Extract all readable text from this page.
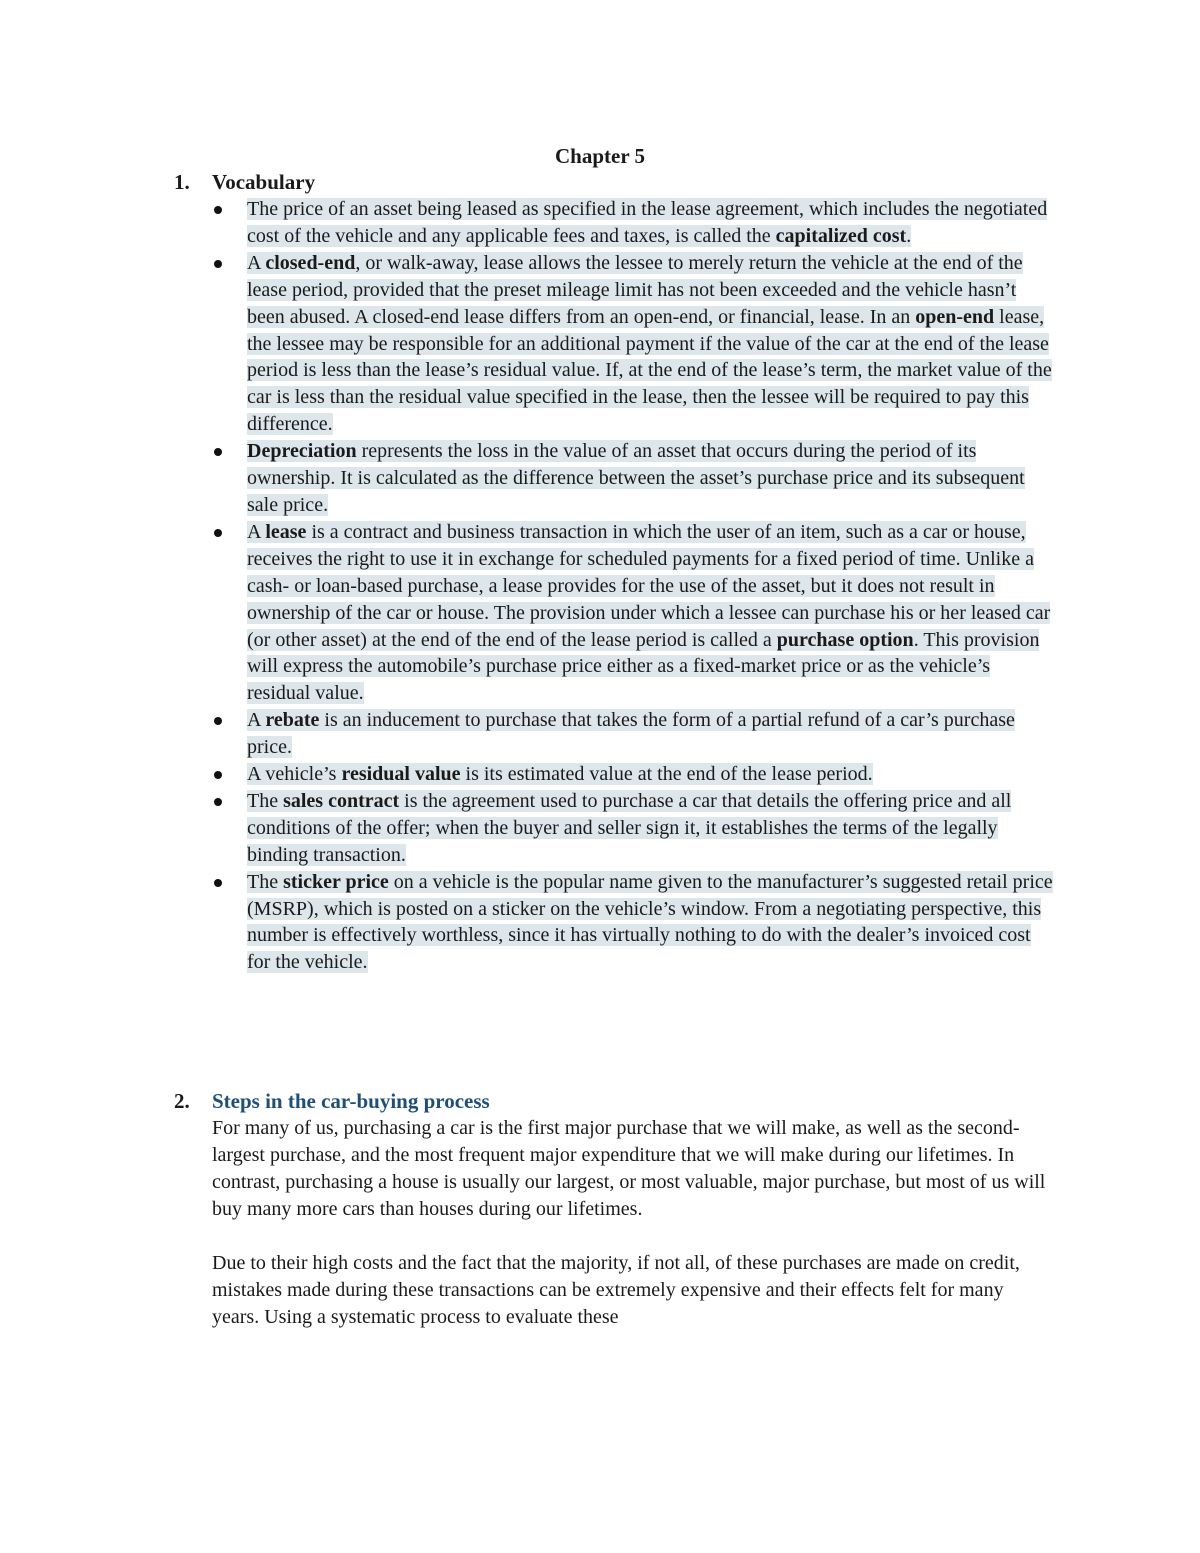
Chapter 5
1.	Vocabulary
The price of an asset being leased as specified in the lease agreement, which includes the negotiated cost of the vehicle and any applicable fees and taxes, is called the capitalized cost.
A closed-end, or walk-away, lease allows the lessee to merely return the vehicle at the end of the lease period, provided that the preset mileage limit has not been exceeded and the vehicle hasn’t been abused. A closed-end lease differs from an open-end, or financial, lease. In an open-end lease, the lessee may be responsible for an additional payment if the value of the car at the end of the lease period is less than the lease’s residual value. If, at the end of the lease’s term, the market value of the car is less than the residual value specified in the lease, then the lessee will be required to pay this difference.
Depreciation represents the loss in the value of an asset that occurs during the period of its ownership. It is calculated as the difference between the asset’s purchase price and its subsequent sale price.
A lease is a contract and business transaction in which the user of an item, such as a car or house, receives the right to use it in exchange for scheduled payments for a fixed period of time. Unlike a cash- or loan-based purchase, a lease provides for the use of the asset, but it does not result in ownership of the car or house. The provision under which a lessee can purchase his or her leased car (or other asset) at the end of the end of the lease period is called a purchase option. This provision will express the automobile’s purchase price either as a fixed-market price or as the vehicle’s residual value.
A rebate is an inducement to purchase that takes the form of a partial refund of a car’s purchase price.
A vehicle’s residual value is its estimated value at the end of the lease period.
The sales contract is the agreement used to purchase a car that details the offering price and all conditions of the offer; when the buyer and seller sign it, it establishes the terms of the legally binding transaction.
The sticker price on a vehicle is the popular name given to the manufacturer’s suggested retail price (MSRP), which is posted on a sticker on the vehicle’s window. From a negotiating perspective, this number is effectively worthless, since it has virtually nothing to do with the dealer’s invoiced cost for the vehicle.
2.	Steps in the car-buying process

For many of us, purchasing a car is the first major purchase that we will make, as well as the second-largest purchase, and the most frequent major expenditure that we will make during our lifetimes. In contrast, purchasing a house is usually our largest, or most valuable, major purchase, but most of us will buy many more cars than houses during our lifetimes.

Due to their high costs and the fact that the majority, if not all, of these purchases are made on credit, mistakes made during these transactions can be extremely expensive and their effects felt for many years. Using a systematic process to evaluate these
